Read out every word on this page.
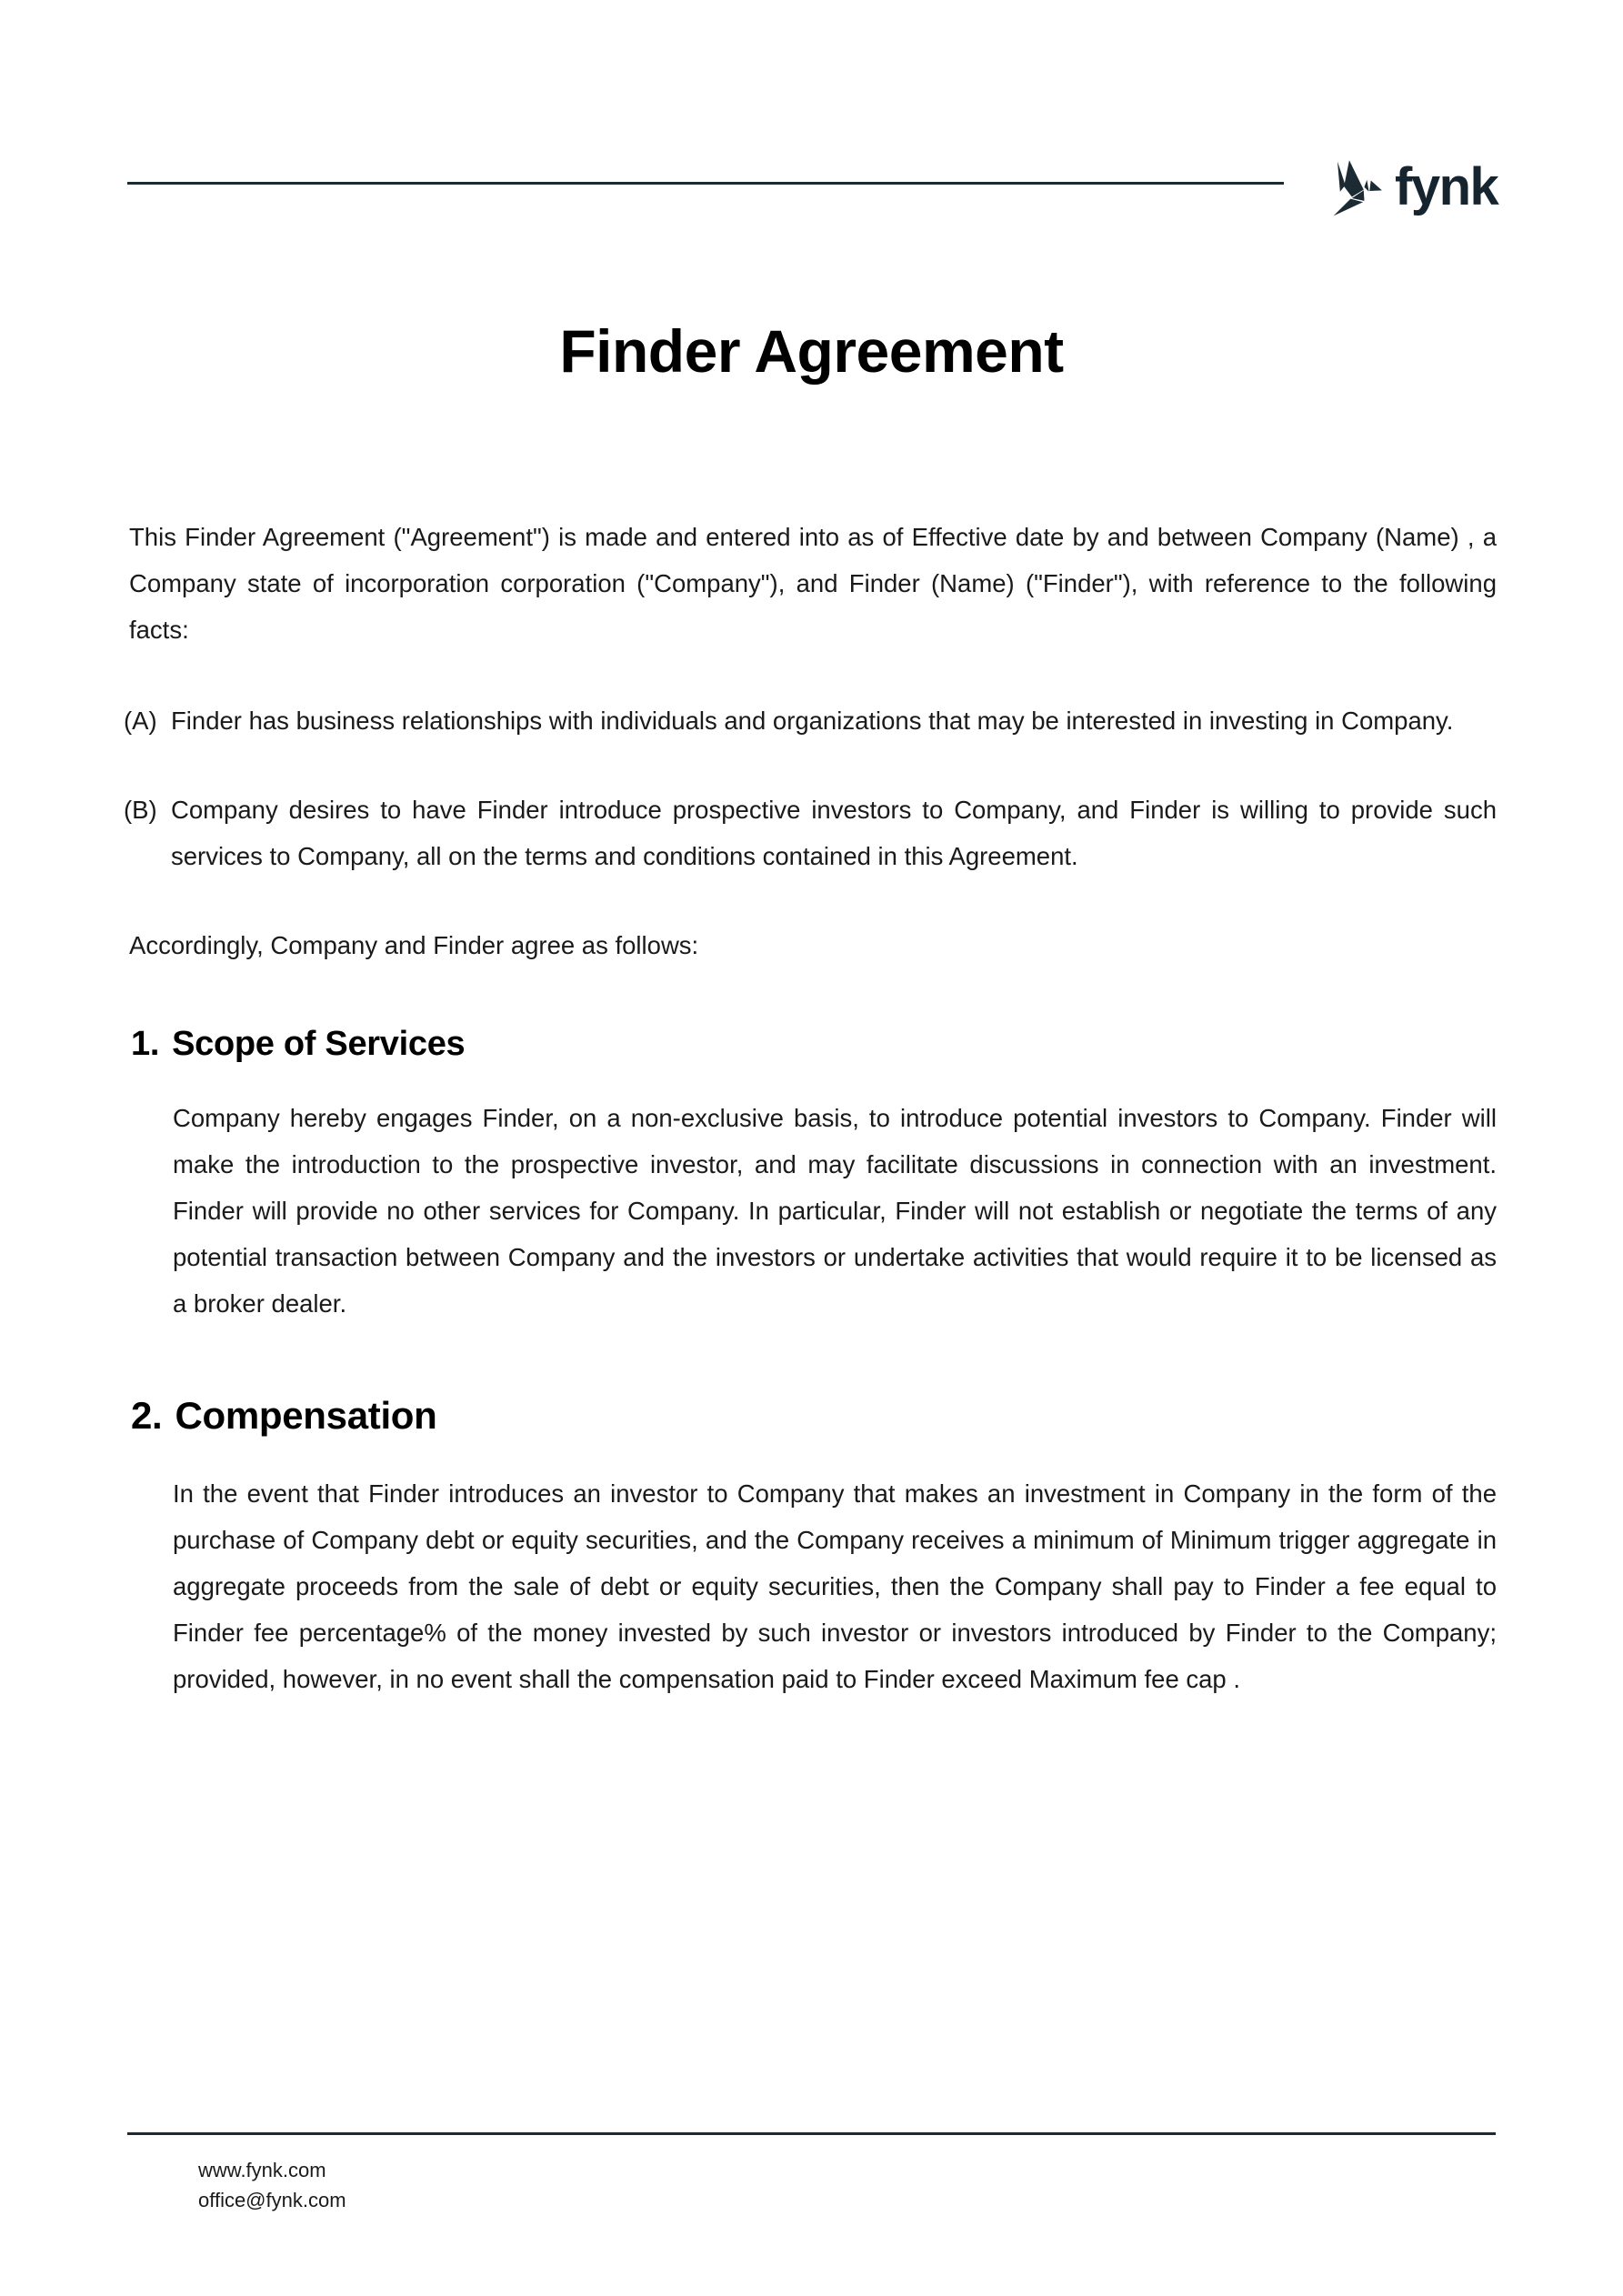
fynk
Finder Agreement

This Finder Agreement ("Agreement") is made and entered into as of Effective date by and between Company (Name) , a Company state of incorporation corporation ("Company"), and Finder (Name) ("Finder"), with reference to the following facts:

(A) Finder has business relationships with individuals and organizations that may be interested in investing in Company.
(B) Company desires to have Finder introduce prospective investors to Company, and Finder is willing to provide such services to Company, all on the terms and conditions contained in this Agreement.

Accordingly, Company and Finder agree as follows:

1. Scope of Services

Company hereby engages Finder, on a non-exclusive basis, to introduce potential investors to Company. Finder will make the introduction to the prospective investor, and may facilitate discussions in connection with an investment. Finder will provide no other services for Company. In particular, Finder will not establish or negotiate the terms of any potential transaction between Company and the investors or undertake activities that would require it to be licensed as a broker dealer.

2. Compensation

In the event that Finder introduces an investor to Company that makes an investment in Company in the form of the purchase of Company debt or equity securities, and the Company receives a minimum of Minimum trigger aggregate in aggregate proceeds from the sale of debt or equity securities, then the Company shall pay to Finder a fee equal to Finder fee percentage% of the money invested by such investor or investors introduced by Finder to the Company; provided, however, in no event shall the compensation paid to Finder exceed Maximum fee cap .

www.fynk.com
office@fynk.com
